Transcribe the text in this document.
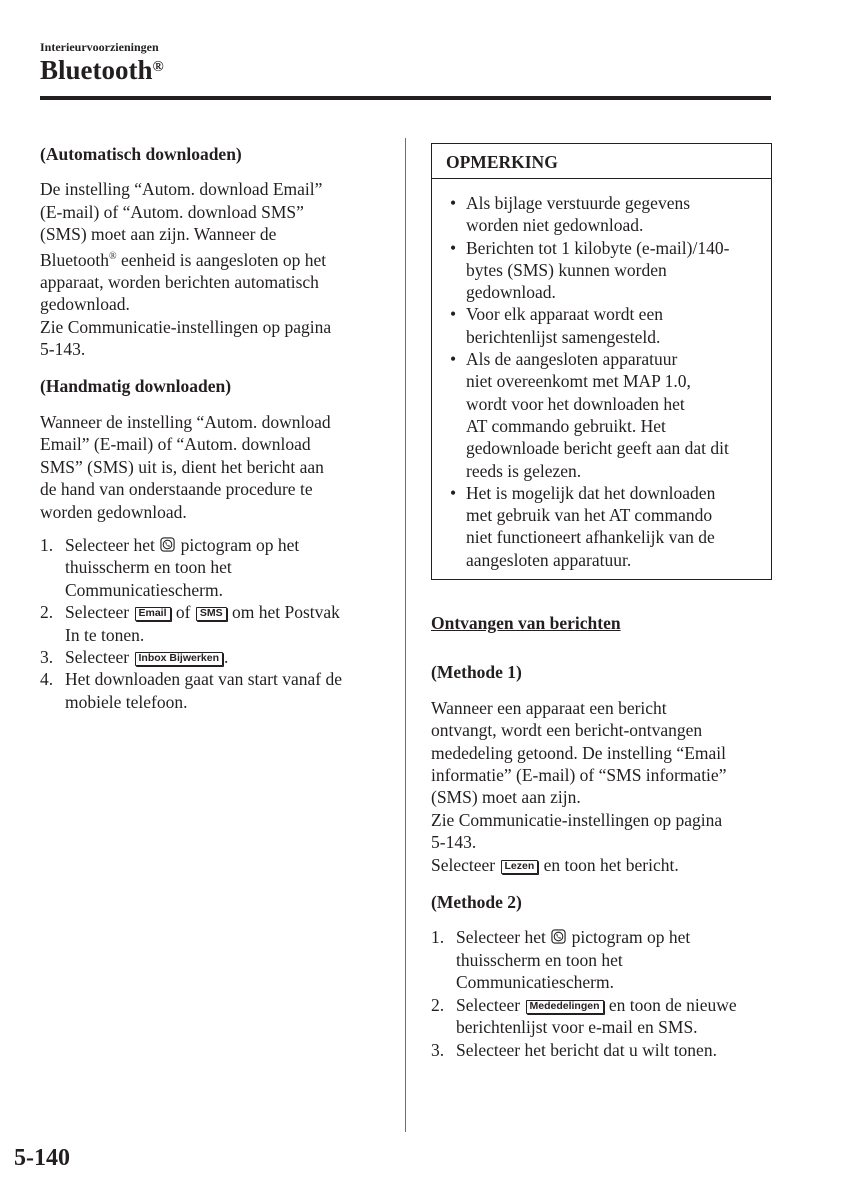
Interieurvoorzieningen
Bluetooth®

(Automatisch downloaden)

De instelling “Autom. download Email”
(E-mail) of “Autom. download SMS”
(SMS) moet aan zijn. Wanneer de
Bluetooth® eenheid is aangesloten op het
apparaat, worden berichten automatisch
gedownload.
Zie Communicatie-instellingen op pagina
5-143.

(Handmatig downloaden)

Wanneer de instelling “Autom. download
Email” (E-mail) of “Autom. download
SMS” (SMS) uit is, dient het bericht aan
de hand van onderstaande procedure te
worden gedownload.
1. Selecteer het  pictogram op het
thuisscherm en toon het
Communicatiescherm.
2. Selecteer Email of SMS om het Postvak
In te tonen.
3. Selecteer Inbox Bijwerken .
4. Het downloaden gaat van start vanaf de
mobiele telefoon.
OPMERKING
• Als bijlage verstuurde gegevens
worden niet gedownload.
• Berichten tot 1 kilobyte (e-mail)/140-
bytes (SMS) kunnen worden
gedownload.
• Voor elk apparaat wordt een
berichtenlijst samengesteld.
• Als de aangesloten apparatuur
niet overeenkomt met MAP 1.0,
wordt voor het downloaden het
AT commando gebruikt. Het
gedownloade bericht geeft aan dat dit
reeds is gelezen.
• Het is mogelijk dat het downloaden
met gebruik van het AT commando
niet functioneert afhankelijk van de
aangesloten apparatuur.

Ontvangen van berichten

(Methode 1)

Wanneer een apparaat een bericht
ontvangt, wordt een bericht-ontvangen
mededeling getoond. De instelling “Email
informatie” (E-mail) of “SMS informatie”
(SMS) moet aan zijn.
Zie Communicatie-instellingen op pagina
5-143.
Selecteer Lezen en toon het bericht.

(Methode 2)

1. Selecteer het  pictogram op het
thuisscherm en toon het
Communicatiescherm.
2. Selecteer Mededelingen en toon de nieuwe
berichtenlijst voor e-mail en SMS.
3. Selecteer het bericht dat u wilt tonen.
5-140
